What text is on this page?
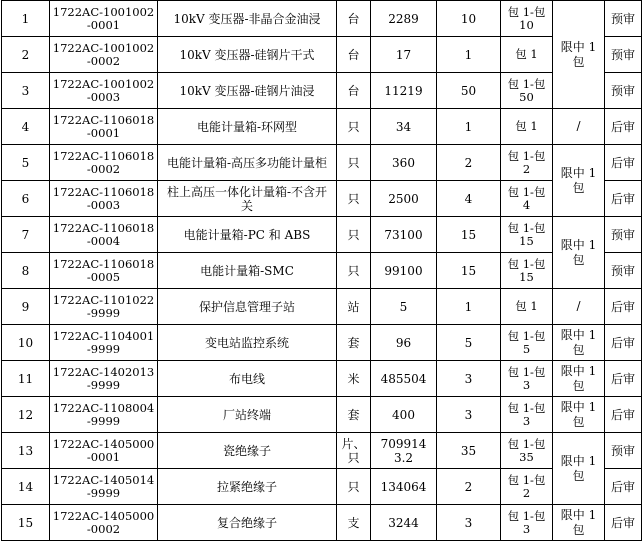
1	1722AC-1001002-0001	10kV 变压器-非晶合金油浸	台	2289	10	包 1-包 10	限中 1 包	预审
2	1722AC-1001002-0002	10kV 变压器-硅钢片干式	台	17	1	包 1		预审
3	1722AC-1001002-0003	10kV 变压器-硅钢片油浸	台	11219	50	包 1-包 50		预审
4	1722AC-1106018-0001	电能计量箱-环网型	只	34	1	包 1	/	后审
5	1722AC-1106018-0002	电能计量箱-高压多功能计量柜	只	360	2	包 1-包 2	限中 1 包	后审
6	1722AC-1106018-0003	柱上高压一体化计量箱-不含开关	只	2500	4	包 1-包 4		后审
7	1722AC-1106018-0004	电能计量箱-PC 和 ABS	只	73100	15	包 1-包 15	限中 1 包	预审
8	1722AC-1106018-0005	电能计量箱-SMC	只	99100	15	包 1-包 15		预审
9	1722AC-1101022-9999	保护信息管理子站	站	5	1	包 1	/	后审
10	1722AC-1104001-9999	变电站监控系统	套	96	5	包 1-包 5	限中 1 包	后审
11	1722AC-1402013-9999	布电线	米	485504	3	包 1-包 3	限中 1 包	后审
12	1722AC-1108004-9999	厂站终端	套	400	3	包 1-包 3	限中 1 包	后审
13	1722AC-1405000-0001	瓷绝缘子	片、只	709914 3.2	35	包 1-包 35	限中 1 包	预审
14	1722AC-1405014-9999	拉紧绝缘子	只	134064	2	包 1-包 2		后审
15	1722AC-1405000-0002	复合绝缘子	支	3244	3	包 1-包 3	限中 1 包	后审
